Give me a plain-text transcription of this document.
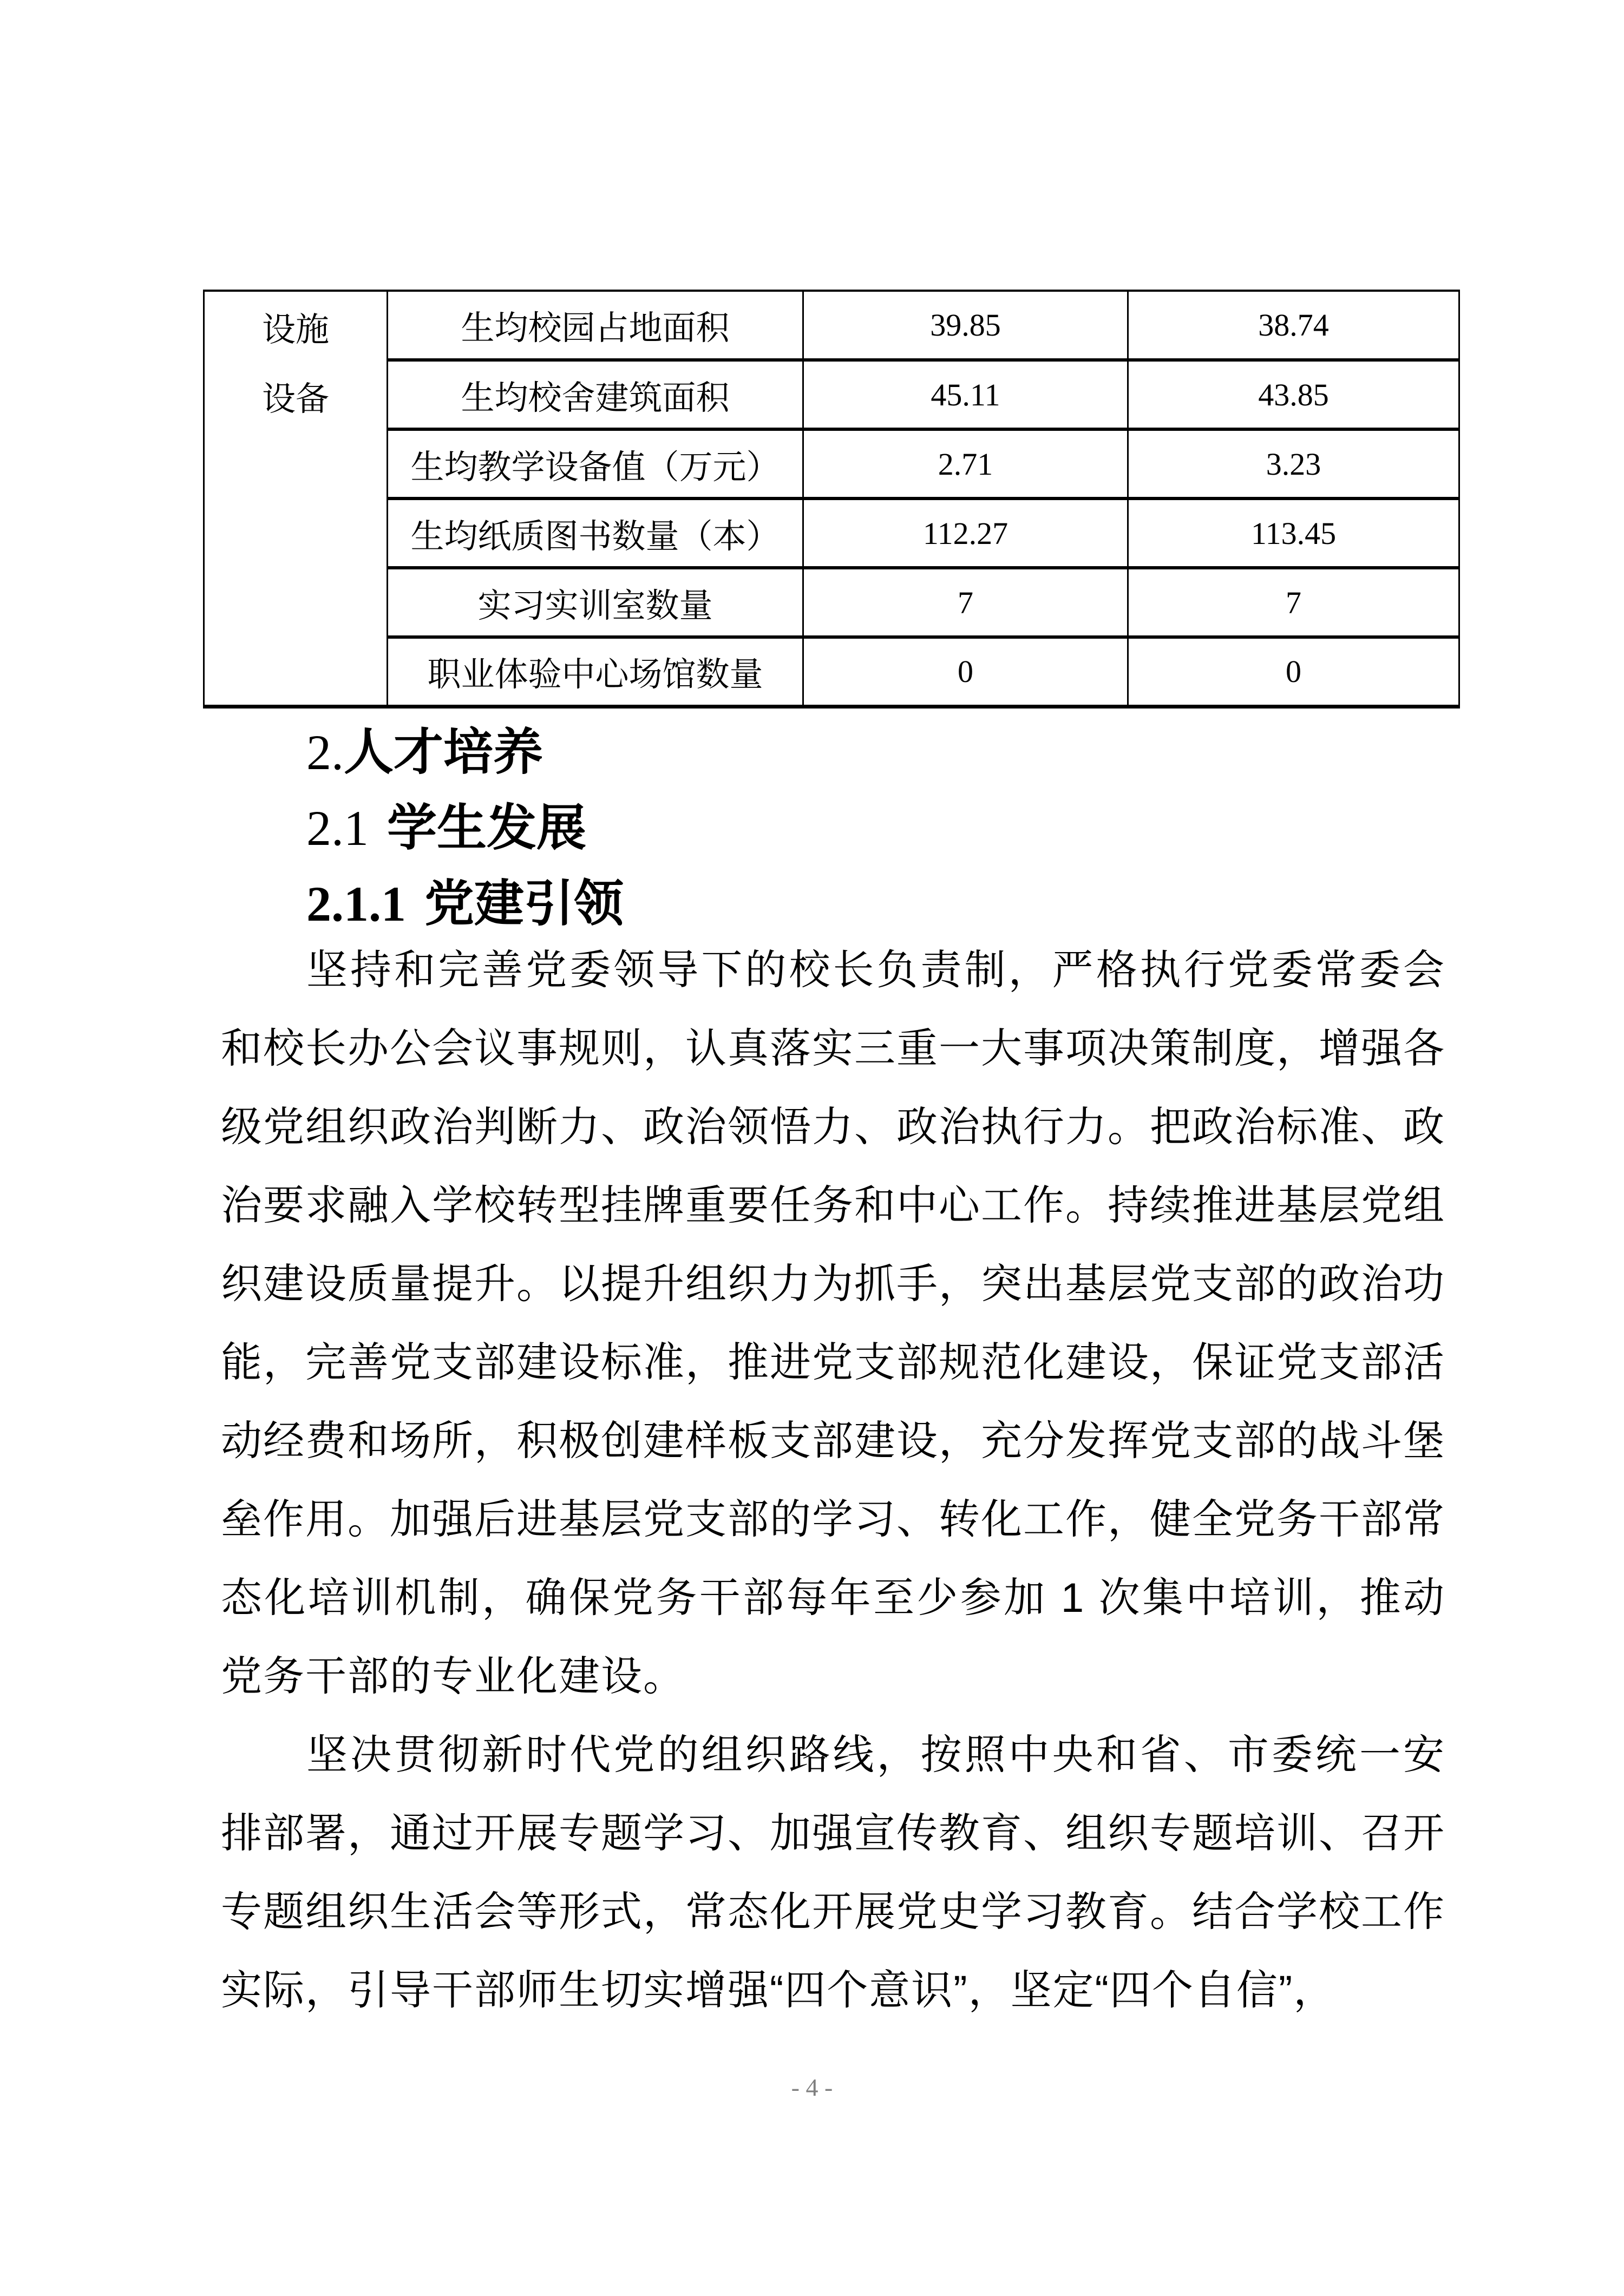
设施
设备	生均校园占地面积	39.85	38.74
	生均校舍建筑面积	45.11	43.85
	生均教学设备值（万元）	2.71	3.23
	生均纸质图书数量（本）	112.27	113.45
	实习实训室数量	7	7
	职业体验中心场馆数量	0	0
2.人才培养
2.1 学生发展
2.1.1 党建引领
坚持和完善党委领导下的校长负责制，严格执行党委常委会和校长办公会议事规则，认真落实三重一大事项决策制度，增强各级党组织政治判断力、政治领悟力、政治执行力。把政治标准、政治要求融入学校转型挂牌重要任务和中心工作。持续推进基层党组织建设质量提升。以提升组织力为抓手，突出基层党支部的政治功能，完善党支部建设标准，推进党支部规范化建设，保证党支部活动经费和场所，积极创建样板支部建设，充分发挥党支部的战斗堡垒作用。加强后进基层党支部的学习、转化工作，健全党务干部常态化培训机制，确保党务干部每年至少参加 1 次集中培训，推动党务干部的专业化建设。
坚决贯彻新时代党的组织路线，按照中央和省、市委统一安排部署，通过开展专题学习、加强宣传教育、组织专题培训、召开专题组织生活会等形式，常态化开展党史学习教育。结合学校工作实际，引导干部师生切实增强“四个意识”，坚定“四个自信”，
- 4 -
